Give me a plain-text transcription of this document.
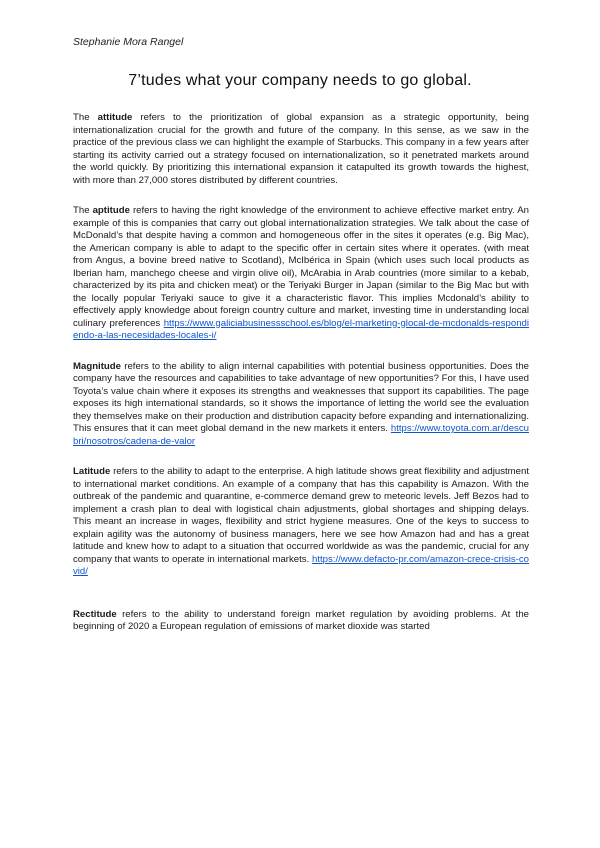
Stephanie Mora Rangel
7’tudes what your company needs to go global.

The attitude refers to the prioritization of global expansion as a strategic opportunity, being internationalization crucial for the growth and future of the company. In this sense, as we saw in the practice of the previous class we can highlight the example of Starbucks. This company in a few years after starting its activity carried out a strategy focused on internationalization, so it penetrated markets around the world quickly. By prioritizing this international expansion it catapulted its growth towards the highest, with more than 27,000 stores distributed by different countries.

The aptitude refers to having the right knowledge of the environment to achieve effective market entry. An example of this is companies that carry out global internationalization strategies. We talk about the case of McDonald’s that despite having a common and homogeneous offer in the sites it operates (e.g. Big Mac), the American company is able to adapt to the specific offer in certain sites where it operates. (with meat from Angus, a bovine breed native to Scotland), McIbérica in Spain (which uses such local products as Iberian ham, manchego cheese and virgin olive oil), McArabia in Arab countries (more similar to a kebab, characterized by its pita and chicken meat) or the Teriyaki Burger in Japan (similar to the Big Mac but with the locally popular Teriyaki sauce to give it a characteristic flavor. This implies Mcdonald’s ability to effectively apply knowledge about foreign country culture and market, investing time in understanding local culinary preferences https://www.galiciabusinessschool.es/blog/el-marketing-glocal-de-mcdonalds-respondiendo-a-las-necesidades-locales-i/

Magnitude refers to the ability to align internal capabilities with potential business opportunities. Does the company have the resources and capabilities to take advantage of new opportunities? For this, I have used Toyota’s value chain where it exposes its strengths and weaknesses that support its capabilities. The page exposes its high international standards, so it shows the importance of letting the world see the evaluation they themselves make on their production and distribution capacity before expanding and internationalizing. This ensures that it can meet global demand in the new markets it enters. https://www.toyota.com.ar/descubri/nosotros/cadena-de-valor

Latitude refers to the ability to adapt to the enterprise. A high latitude shows great flexibility and adjustment to international market conditions. An example of a company that has this capability is Amazon. With the outbreak of the pandemic and quarantine, e-commerce demand grew to meteoric levels. Jeff Bezos had to implement a crash plan to deal with logistical chain adjustments, global shortages and shipping delays. This meant an increase in wages, flexibility and strict hygiene measures. One of the keys to success to explain agility was the autonomy of business managers, here we see how Amazon had and has a great latitude and knew how to adapt to a situation that occurred worldwide as was the pandemic, crucial for any company that wants to operate in international markets. https://www.defacto-pr.com/amazon-crece-crisis-covid/

Rectitude refers to the ability to understand foreign market regulation by avoiding problems. At the beginning of 2020 a European regulation of emissions of market dioxide was started
